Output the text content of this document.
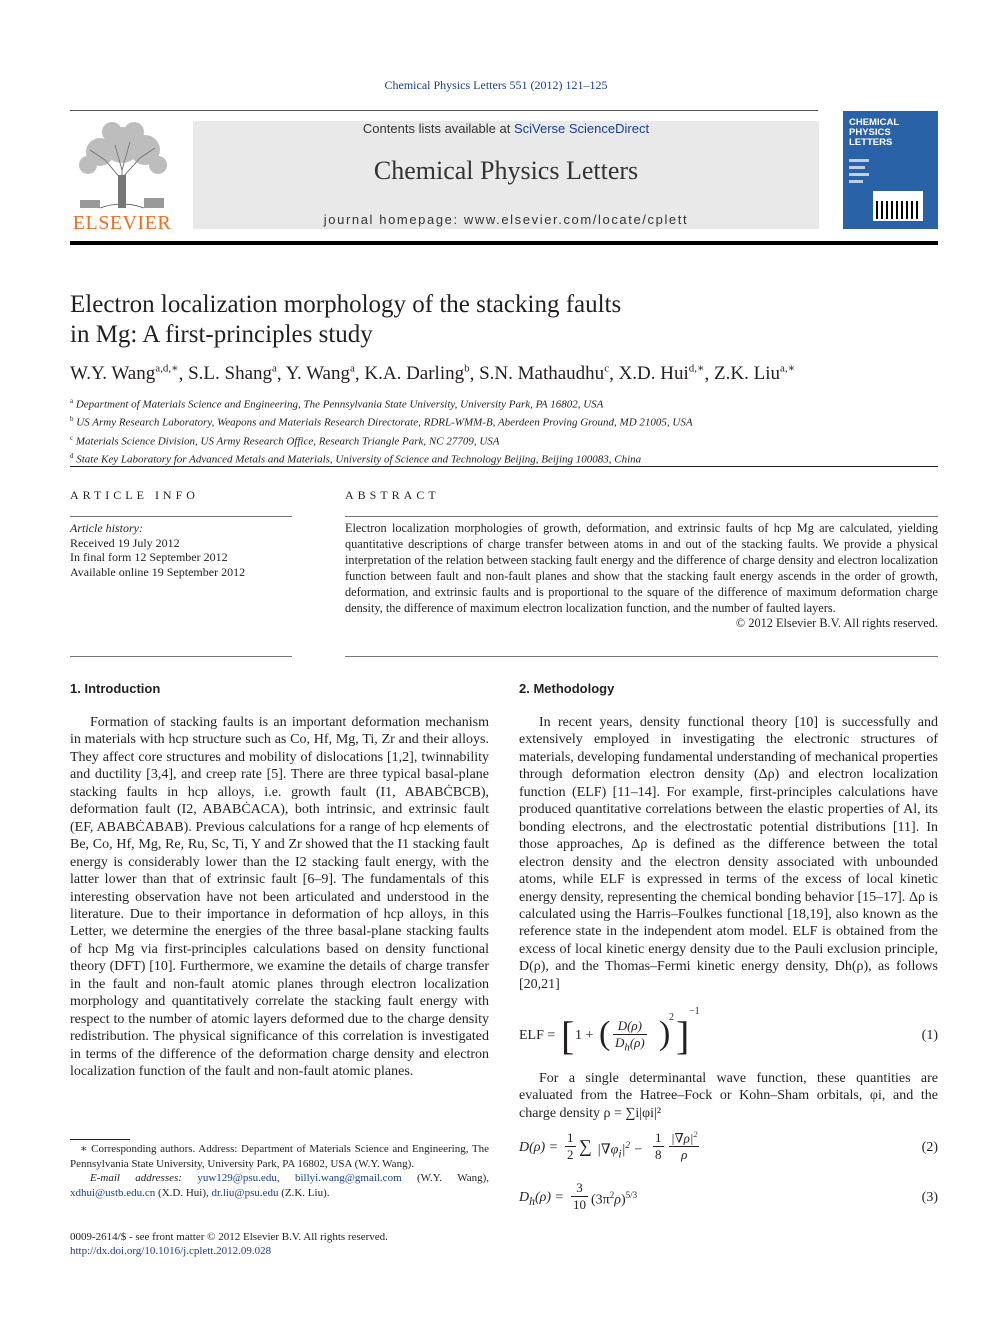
Chemical Physics Letters 551 (2012) 121–125
ELSEVIER
Contents lists available at SciVerse ScienceDirect
Chemical Physics Letters
journal homepage: www.elsevier.com/locate/cplett
CHEMICAL
PHYSICS
LETTERS
Electron localization morphology of the stacking faults
in Mg: A first-principles study
W.Y. Wang$^{a,d,∗}$, S.L. Shang$^a$, Y. Wang$^a$, K.A. Darling$^b$, S.N. Mathaudhu$^c$, X.D. Hui$^{d,∗}$, Z.K. Liu$^{a,∗}$
$^a$ Department of Materials Science and Engineering, The Pennsylvania State University, University Park, PA 16802, USA
$^b$ US Army Research Laboratory, Weapons and Materials Research Directorate, RDRL-WMM-B, Aberdeen Proving Ground, MD 21005, USA
$^c$ Materials Science Division, US Army Research Office, Research Triangle Park, NC 27709, USA
$^d$ State Key Laboratory for Advanced Metals and Materials, University of Science and Technology Beijing, Beijing 100083, China
ARTICLE INFO
Article history:
Received 19 July 2012
In final form 12 September 2012
Available online 19 September 2012
ABSTRACT
Electron localization morphologies of growth, deformation, and extrinsic faults of hcp Mg are calculated, yielding quantitative descriptions of charge transfer between atoms in and out of the stacking faults. We provide a physical interpretation of the relation between stacking fault energy and the difference of charge density and electron localization function between fault and non-fault planes and show that the stacking fault energy ascends in the order of growth, deformation, and extrinsic faults and is proportional to the square of the difference of maximum deformation charge density, the difference of maximum electron localization function, and the number of faulted layers.
© 2012 Elsevier B.V. All rights reserved.
1. Introduction

Formation of stacking faults is an important deformation mechanism in materials with hcp structure such as Co, Hf, Mg, Ti, Zr and their alloys. They affect core structures and mobility of dislocations [1,2], twinnability and ductility [3,4], and creep rate [5]. There are three typical basal-plane stacking faults in hcp alloys, i.e. growth fault (I1, ABABĊBCB), deformation fault (I2, ABABĊACA), both intrinsic, and extrinsic fault (EF, ABABĊABAB). Previous calculations for a range of hcp elements of Be, Co, Hf, Mg, Re, Ru, Sc, Ti, Y and Zr showed that the I1 stacking fault energy is considerably lower than the I2 stacking fault energy, with the latter lower than that of extrinsic fault [6–9]. The fundamentals of this interesting observation have not been articulated and understood in the literature. Due to their importance in deformation of hcp alloys, in this Letter, we determine the energies of the three basal-plane stacking faults of hcp Mg via first-principles calculations based on density functional theory (DFT) [10]. Furthermore, we examine the details of charge transfer in the fault and non-fault atomic planes through electron localization morphology and quantitatively correlate the stacking fault energy with respect to the number of atomic layers deformed due to the charge density redistribution. The physical significance of this correlation is investigated in terms of the difference of the deformation charge density and electron localization function of the fault and non-fault atomic planes.

∗ Corresponding authors. Address: Department of Materials Science and Engineering, The Pennsylvania State University, University Park, PA 16802, USA (W.Y. Wang).
E-mail addresses: yuw129@psu.edu, billyi.wang@gmail.com (W.Y. Wang), xdhui@ustb.edu.cn (X.D. Hui), dr.liu@psu.edu (Z.K. Liu).
0009-2614/$ - see front matter © 2012 Elsevier B.V. All rights reserved.
http://dx.doi.org/10.1016/j.cplett.2012.09.028
2. Methodology

In recent years, density functional theory [10] is successfully and extensively employed in investigating the electronic structures of materials, developing fundamental understanding of mechanical properties through deformation electron density (Δρ) and electron localization function (ELF) [11–14]. For example, first-principles calculations have produced quantitative correlations between the elastic properties of Al, its bonding electrons, and the electrostatic potential distributions [11]. In those approaches, Δρ is defined as the difference between the total electron density and the electron density associated with unbounded atoms, while ELF is expressed in terms of the excess of local kinetic energy density, representing the chemical bonding behavior [15–17]. Δρ is calculated using the Harris–Foulkes functional [18,19], also known as the reference state in the independent atom model. ELF is obtained from the excess of local kinetic energy density due to the Pauli exclusion principle, D(ρ), and the Thomas–Fermi kinetic energy density, Dh(ρ), as follows [20,21]

ELF = [ 1 + ( $\frac{D(\rho)}{D_h(\rho)}$ )
2 ]
−1
(1)

For a single determinantal wave function, these quantities are evaluated from the Hatree–Fock or Kohn–Sham orbitals, φi, and the charge density ρ = ∑i|φi|²

$D(\rho) = \frac{1}{2}$ ∑ $|\nabla\varphi_i|^2 - \frac{1}{8} \frac{|\nabla\rho|^2}{\rho}$	(2)
$D_h(\rho) = \frac{3}{10} (3\pi^2\rho)^{5/3}$	(3)
